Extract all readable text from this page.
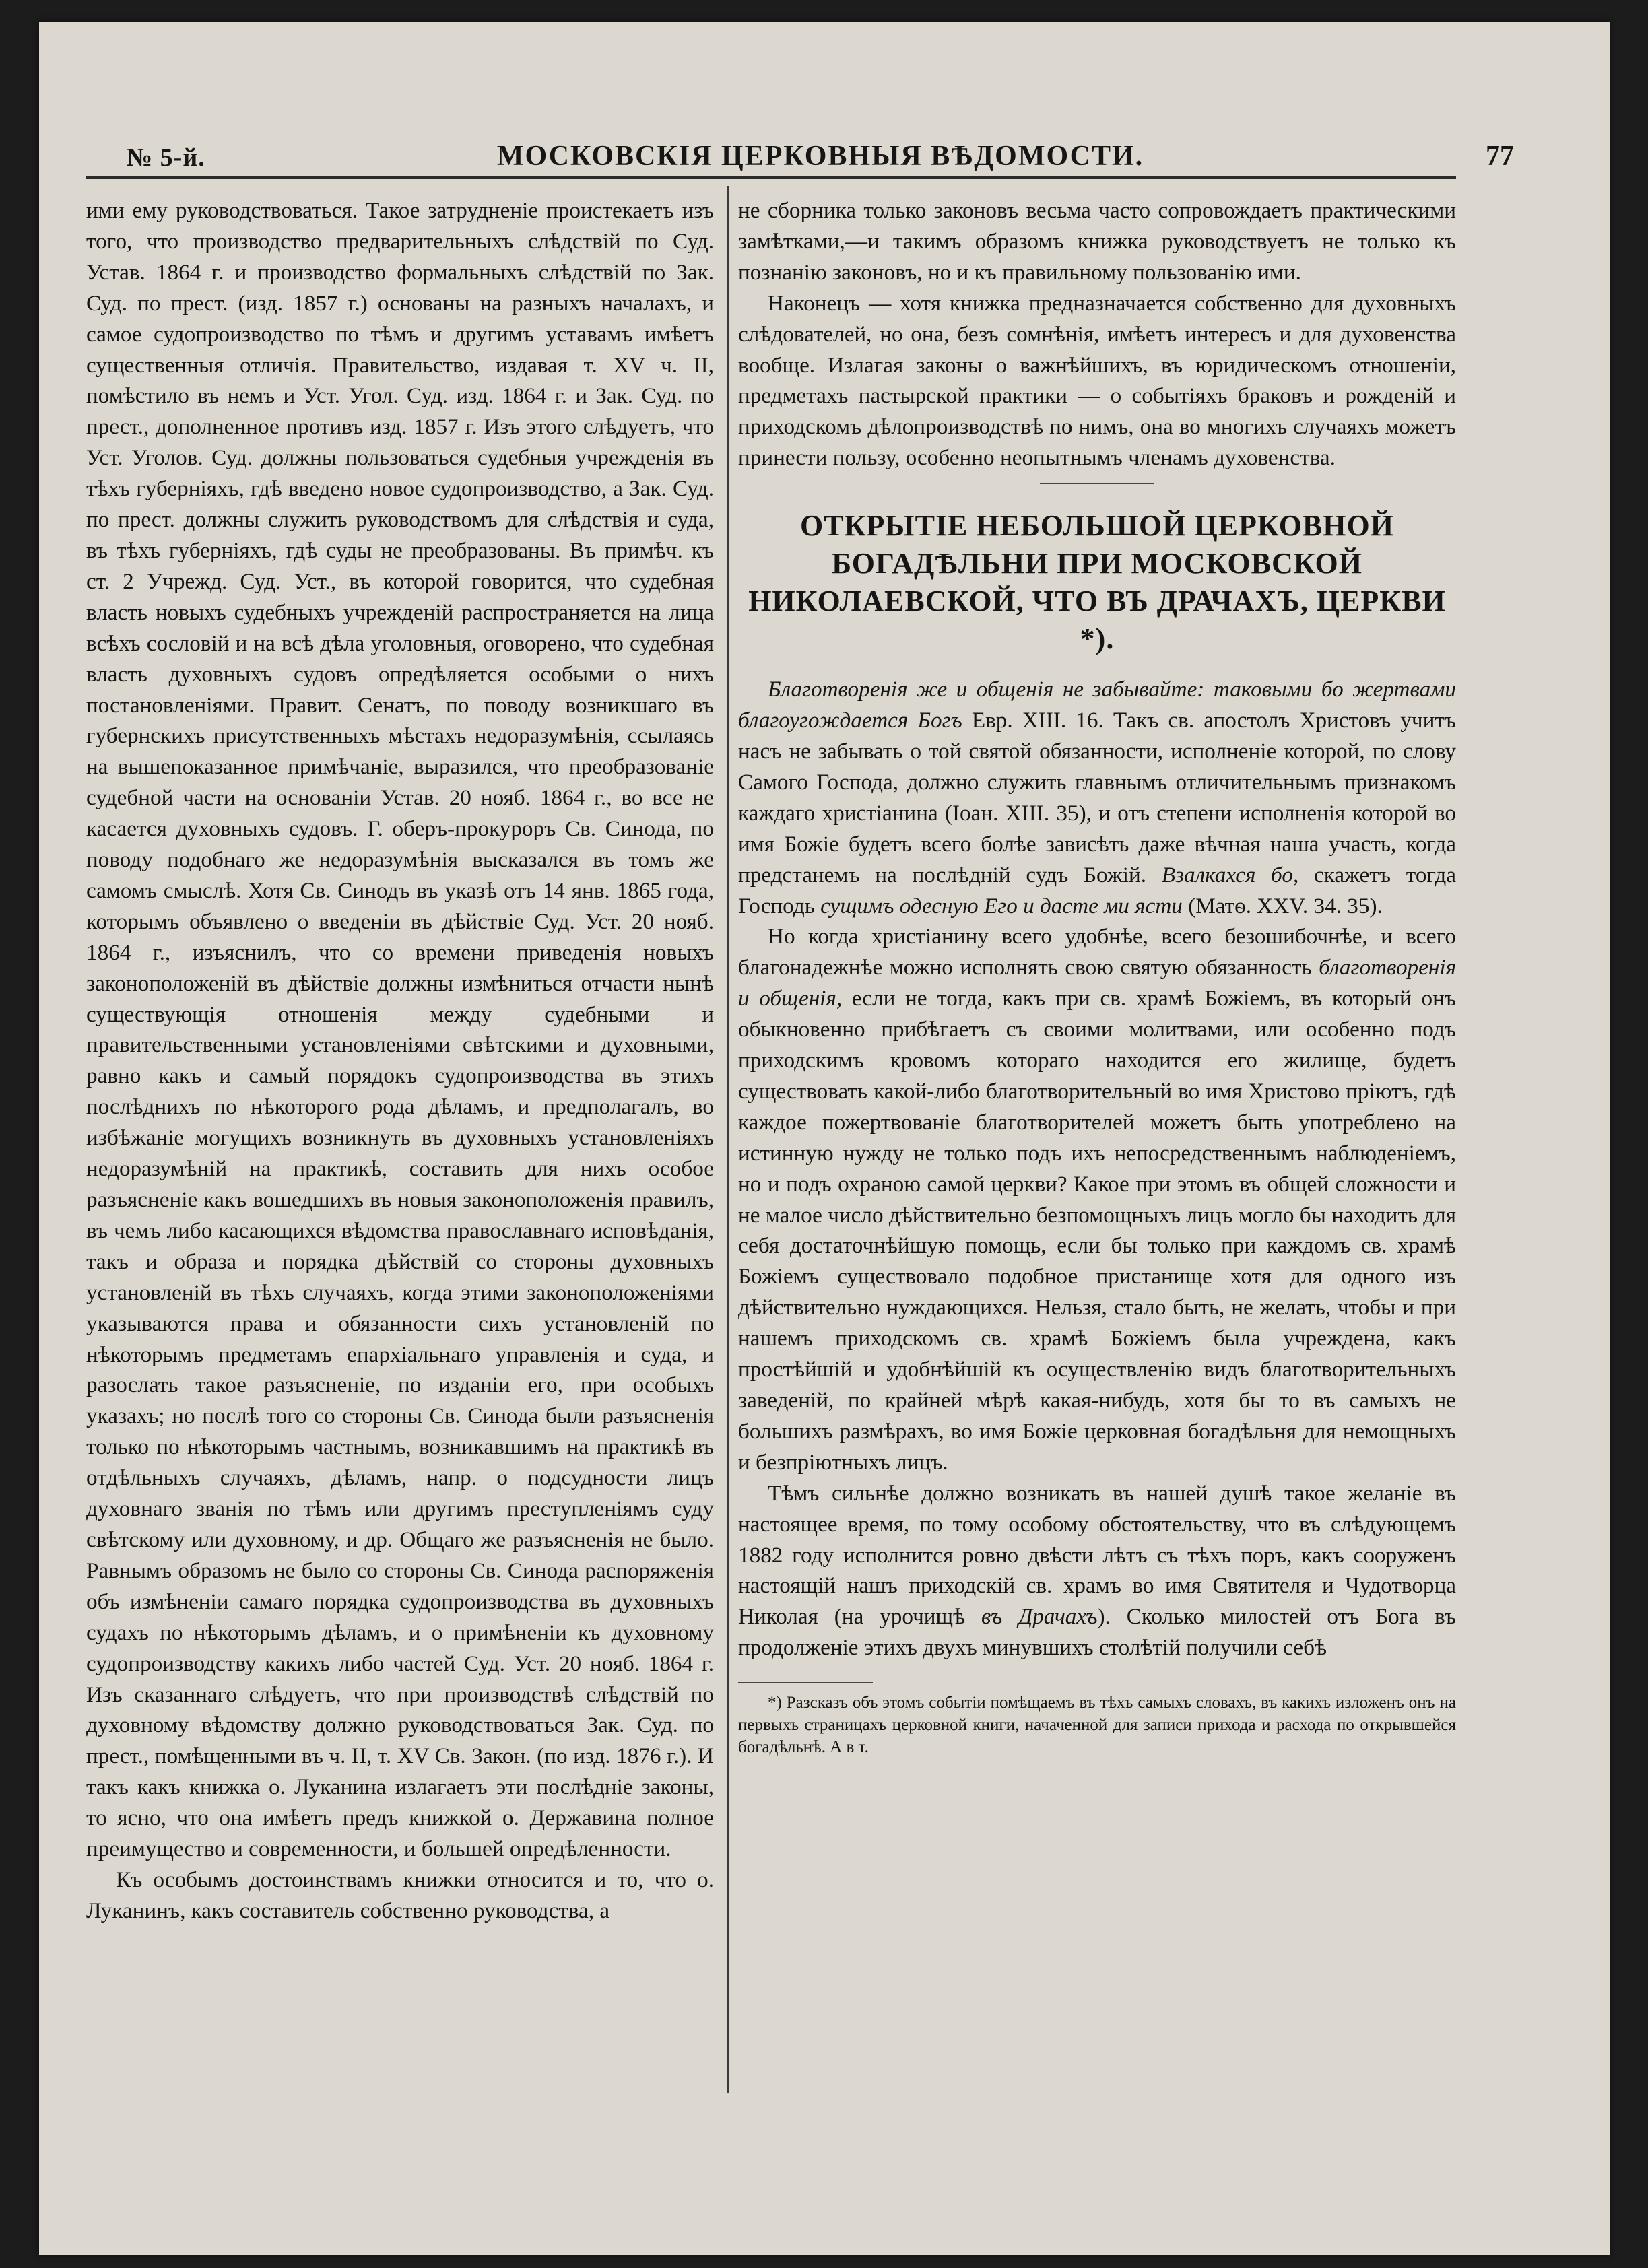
№ 5-й.	МОСКОВСКІЯ ЦЕРКОВНЫЯ ВѢДОМОСТИ.	77

ими ему руководствоваться. Такое затрудненіе проистекаетъ изъ того, что производство предварительныхъ слѣдствій по Суд. Устав. 1864 г. и производство формальныхъ слѣдствій по Зак. Суд. по прест. (изд. 1857 г.) основаны на разныхъ началахъ, и самое судопроизводство по тѣмъ и другимъ уставамъ имѣетъ существенныя отличія. Правительство, издавая т. XV ч. II, помѣстило въ немъ и Уст. Угол. Суд. изд. 1864 г. и Зак. Суд. по прест., дополненное противъ изд. 1857 г. Изъ этого слѣдуетъ, что Уст. Уголов. Суд. должны пользоваться судебныя учрежденія въ тѣхъ губерніяхъ, гдѣ введено новое судопроизводство, а Зак. Суд. по прест. должны служить руководствомъ для слѣдствія и суда, въ тѣхъ губерніяхъ, гдѣ суды не преобразованы. Въ примѣч. къ ст. 2 Учрежд. Суд. Уст., въ которой говорится, что судебная власть новыхъ судебныхъ учрежденій распространяется на лица всѣхъ сословій и на всѣ дѣла уголовныя, оговорено, что судебная власть духовныхъ судовъ опредѣляется особыми о нихъ постановленіями. Правит. Сенатъ, по поводу возникшаго въ губернскихъ присутственныхъ мѣстахъ недоразумѣнія, ссылаясь на вышепоказанное примѣчаніе, выразился, что преобразованіе судебной части на основаніи Устав. 20 нояб. 1864 г., во все не касается духовныхъ судовъ. Г. оберъ-прокуроръ Св. Синода, по поводу подобнаго же недоразумѣнія высказался въ томъ же самомъ смыслѣ. Хотя Св. Синодъ въ указѣ отъ 14 янв. 1865 года, которымъ объявлено о введеніи въ дѣйствіе Суд. Уст. 20 нояб. 1864 г., изъяснилъ, что со времени приведенія новыхъ законоположеній въ дѣйствіе должны измѣниться отчасти нынѣ существующія отношенія между судебными и правительственными установленіями свѣтскими и духовными, равно какъ и самый порядокъ судопроизводства въ этихъ послѣднихъ по нѣкоторого рода дѣламъ, и предполагалъ, во избѣжаніе могущихъ возникнуть въ духовныхъ установленіяхъ недоразумѣній на практикѣ, составить для нихъ особое разъясненіе какъ вошедшихъ въ новыя законоположенія правилъ, въ чемъ либо касающихся вѣдомства православнаго исповѣданія, такъ и образа и порядка дѣйствій со стороны духовныхъ установленій въ тѣхъ случаяхъ, когда этими законоположеніями указываются права и обязанности сихъ установленій по нѣкоторымъ предметамъ епархіальнаго управленія и суда, и разослать такое разъясненіе, по изданіи его, при особыхъ указахъ; но послѣ того со стороны Св. Синода были разъясненія только по нѣкоторымъ частнымъ, возникавшимъ на практикѣ въ отдѣльныхъ случаяхъ, дѣламъ, напр. о подсудности лицъ духовнаго званія по тѣмъ или другимъ преступленіямъ суду свѣтскому или духовному, и др. Общаго же разъясненія не было. Равнымъ образомъ не было со стороны Св. Синода распоряженія объ измѣненіи самаго порядка судопроизводства въ духовныхъ судахъ по нѣкоторымъ дѣламъ, и о примѣненіи къ духовному судопроизводству какихъ либо частей Суд. Уст. 20 нояб. 1864 г. Изъ сказаннаго слѣдуетъ, что при производствѣ слѣдствій по духовному вѣдомству должно руководствоваться Зак. Суд. по прест., помѣщенными въ ч. II, т. XV Св. Закон. (по изд. 1876 г.). И такъ какъ книжка о. Луканина излагаетъ эти послѣдніе законы, то ясно, что она имѣетъ предъ книжкой о. Державина полное преимущество и современности, и большей опредѣленности.

Къ особымъ достоинствамъ книжки относится и то, что о. Луканинъ, какъ составитель собственно руководства, а

не сборника только законовъ весьма часто сопровождаетъ практическими замѣтками,—и такимъ образомъ книжка руководствуетъ не только къ познанію законовъ, но и къ правильному пользованію ими.

Наконецъ — хотя книжка предназначается собственно для духовныхъ слѣдователей, но она, безъ сомнѣнія, имѣетъ интересъ и для духовенства вообще. Излагая законы о важнѣйшихъ, въ юридическомъ отношеніи, предметахъ пастырской практики — о событіяхъ браковъ и рожденій и приходскомъ дѣлопроизводствѣ по нимъ, она во многихъ случаяхъ можетъ принести пользу, особенно неопытнымъ членамъ духовенства.

ОТКРЫТІЕ НЕБОЛЬШОЙ ЦЕРКОВНОЙ БОГАДѢЛЬНИ ПРИ МОСКОВСКОЙ НИКОЛАЕВСКОЙ, ЧТО ВЪ ДРАЧАХЪ, ЦЕРКВИ *).

Благотворенія же и общенія не забывайте: таковыми бо жертвами благоугождается Богъ Евр. XIII. 16. Такъ св. апостолъ Христовъ учитъ насъ не забывать о той святой обязанности, исполненіе которой, по слову Самого Господа, должно служить главнымъ отличительнымъ признакомъ каждаго христіанина (Іоан. XIII. 35), и отъ степени исполненія которой во имя Божіе будетъ всего болѣе зависѣть даже вѣчная наша участь, когда предстанемъ на послѣдній судъ Божій. Взалкахся бо, скажетъ тогда Господь сущимъ одесную Его и дасте ми ясти (Матѳ. XXV. 34. 35).

Но когда христіанину всего удобнѣе, всего безошибочнѣе, и всего благонадежнѣе можно исполнять свою святую обязанность благотворенія и общенія, если не тогда, какъ при св. храмѣ Божіемъ, въ который онъ обыкновенно прибѣгаетъ съ своими молитвами, или особенно подъ приходскимъ кровомъ котораго находится его жилище, будетъ существовать какой-либо благотворительный во имя Христово пріютъ, гдѣ каждое пожертвованіе благотворителей можетъ быть употреблено на истинную нужду не только подъ ихъ непосредственнымъ наблюденіемъ, но и подъ охраною самой церкви? Какое при этомъ въ общей сложности и не малое число дѣйствительно безпомощныхъ лицъ могло бы находить для себя достаточнѣйшую помощь, если бы только при каждомъ св. храмѣ Божіемъ существовало подобное пристанище хотя для одного изъ дѣйствительно нуждающихся. Нельзя, стало быть, не желать, чтобы и при нашемъ приходскомъ св. храмѣ Божіемъ была учреждена, какъ простѣйшій и удобнѣйшій къ осуществленію видъ благотворительныхъ заведеній, по крайней мѣрѣ какая-нибудь, хотя бы то въ самыхъ не большихъ размѣрахъ, во имя Божіе церковная богадѣльня для немощныхъ и безпріютныхъ лицъ.

Тѣмъ сильнѣе должно возникать въ нашей душѣ такое желаніе въ настоящее время, по тому особому обстоятельству, что въ слѣдующемъ 1882 году исполнится ровно двѣсти лѣтъ съ тѣхъ поръ, какъ сооруженъ настоящій нашъ приходскій св. храмъ во имя Святителя и Чудотворца Николая (на урочищѣ въ Драчахъ). Сколько милостей отъ Бога въ продолженіе этихъ двухъ минувшихъ столѣтій получили себѣ

*) Разсказъ объ этомъ событіи помѣщаемъ въ тѣхъ самыхъ словахъ, въ какихъ изложенъ онъ на первыхъ страницахъ церковной книги, начаченной для записи прихода и расхода по открывшейся богадѣльнѣ. А в т.
